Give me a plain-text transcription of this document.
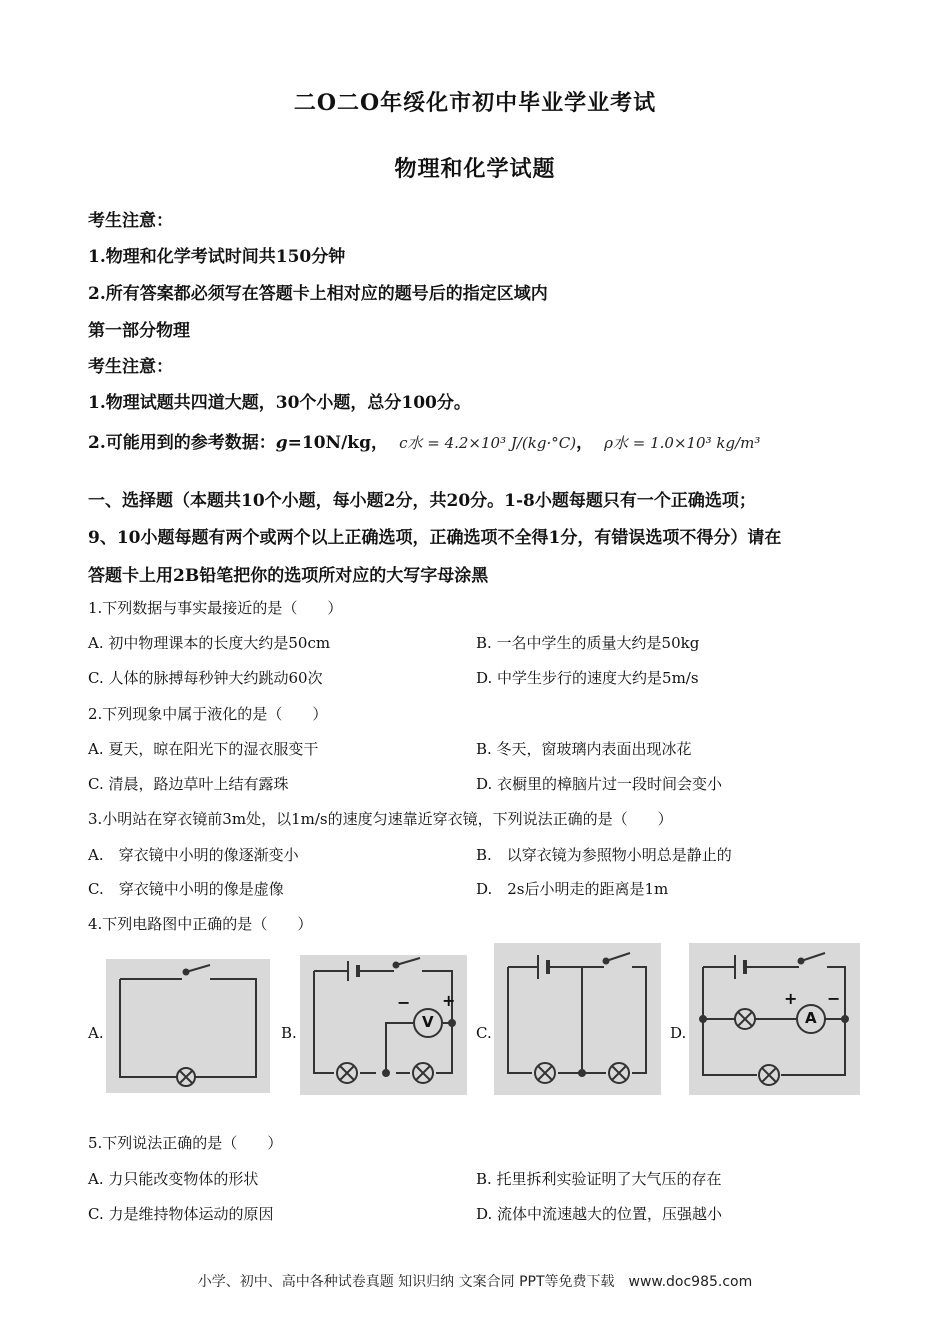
二O二O年绥化市初中毕业学业考试
物理和化学试题
考生注意：
1.物理和化学考试时间共150分钟
2.所有答案都必须写在答题卡上相对应的题号后的指定区域内
第一部分物理
考生注意：
1.物理试题共四道大题，30个小题，总分100分。
2.可能用到的参考数据：g=10N/kg， c水 = 4.2×10³ J/(kg·°C)， ρ水 = 1.0×10³ kg/m³
一、选择题（本题共10个小题，每小题2分，共20分。1-8小题每题只有一个正确选项；
9、10小题每题有两个或两个以上正确选项，正确选项不全得1分，有错误选项不得分）请在
答题卡上用2B铅笔把你的选项所对应的大写字母涂黑
1.下列数据与事实最接近的是（　　）
A. 初中物理课本的长度大约是50cm	B. 一名中学生的质量大约是50kg
C. 人体的脉搏每秒钟大约跳动60次	D. 中学生步行的速度大约是5m/s
2.下列现象中属于液化的是（　　）
A. 夏天，晾在阳光下的湿衣服变干	B. 冬天，窗玻璃内表面出现冰花
C. 清晨，路边草叶上结有露珠	D. 衣橱里的樟脑片过一段时间会变小
3.小明站在穿衣镜前3m处，以1m/s的速度匀速靠近穿衣镜，下列说法正确的是（　　）
A.　穿衣镜中小明的像逐渐变小	B.　以穿衣镜为参照物小明总是静止的
C.　穿衣镜中小明的像是虚像	D.　2s后小明走的距离是1m
4.下列电路图中正确的是（　　）
A.	B.
V
− +
C.	D.
A
+ −
5.下列说法正确的是（　　）
A. 力只能改变物体的形状	B. 托里拆利实验证明了大气压的存在
C. 力是维持物体运动的原因	D. 流体中流速越大的位置，压强越小
小学、初中、高中各种试卷真题 知识归纳 文案合同 PPT等免费下载　www.doc985.com
